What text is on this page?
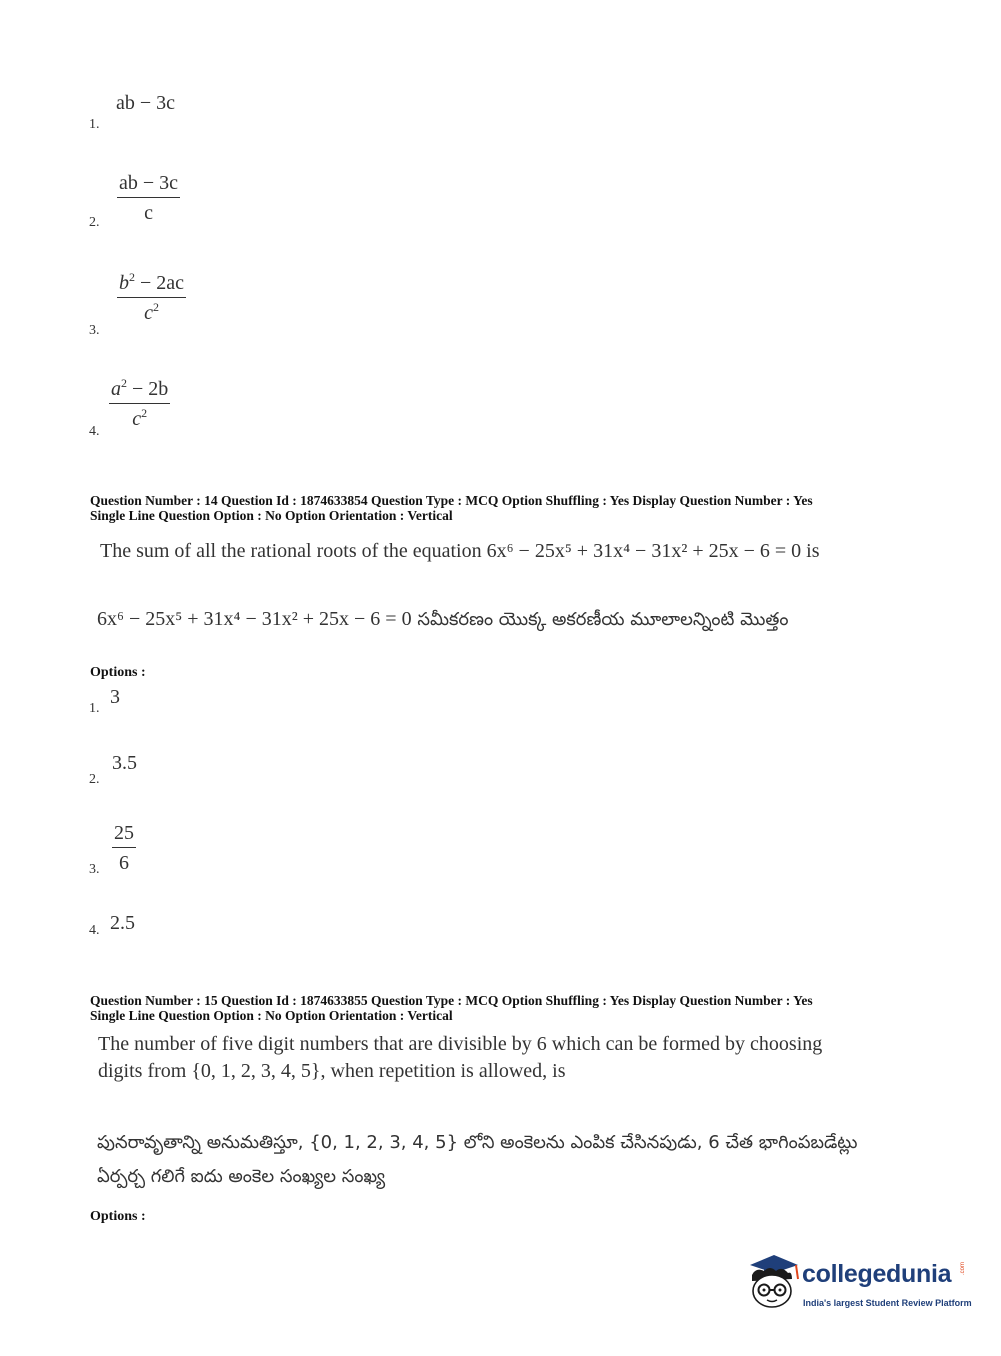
ab − 3c
1.
$\frac{ab - 3c}{c}$
2.
$\frac{b^2 - 2ac}{c^2}$
3.
$\frac{a^2 - 2b}{c^2}$
4.
Question Number : 14 Question Id : 1874633854 Question Type : MCQ Option Shuffling : Yes Display Question Number : Yes
Single Line Question Option : No Option Orientation : Vertical
The sum of all the rational roots of the equation 6x⁶ − 25x⁵ + 31x⁴ − 31x² + 25x − 6 = 0 is
6x⁶ − 25x⁵ + 31x⁴ − 31x² + 25x − 6 = 0 సమీకరణం యొక్క అకరణీయ మూలాలన్నింటి మొత్తం
Options :
3
1.
3.5
2.
$\frac{25}{6}$
3.
2.5
4.
Question Number : 15 Question Id : 1874633855 Question Type : MCQ Option Shuffling : Yes Display Question Number : Yes
Single Line Question Option : No Option Orientation : Vertical
The number of five digit numbers that are divisible by 6 which can be formed by choosing
digits from {0, 1, 2, 3, 4, 5}, when repetition is allowed, is
పునరావృతాన్ని అనుమతిస్తూ, {0, 1, 2, 3, 4, 5} లోని అంకెలను ఎంపిక చేసినపుడు, 6 చేత భాగింపబడేట్లు
ఏర్పర్చ గలిగే ఐదు అంకెల సంఖ్యల సంఖ్య
Options :
collegedunia .com
India's largest Student Review Platform
